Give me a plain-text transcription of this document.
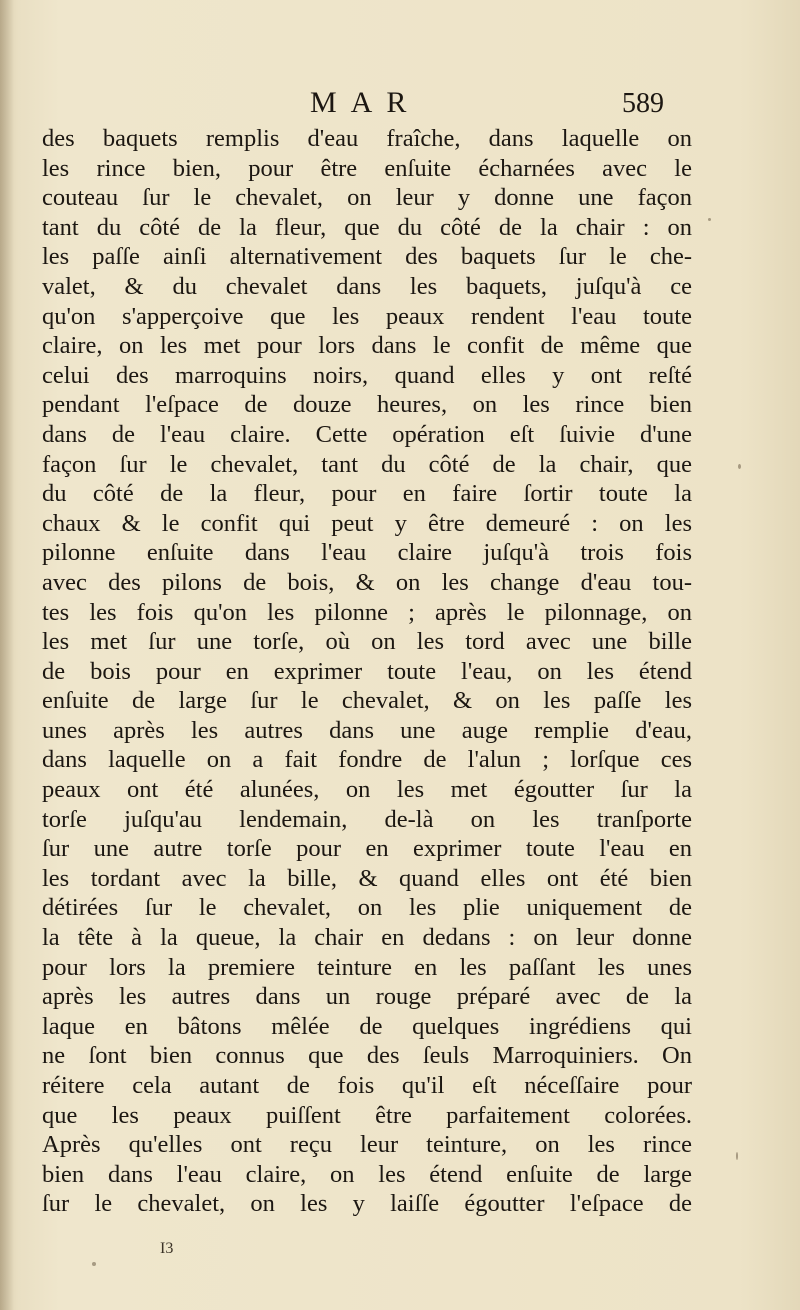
MAR	589
des baquets remplis d'eau fraîche, dans laquelle on
les rince bien, pour être enſuite écharnées avec le
couteau ſur le chevalet, on leur y donne une façon
tant du côté de la fleur, que du côté de la chair : on
les paſſe ainſi alternativement des baquets ſur le che-
valet, & du chevalet dans les baquets, juſqu'à ce
qu'on s'apperçoive que les peaux rendent l'eau toute
claire, on les met pour lors dans le confit de même que
celui des marroquins noirs, quand elles y ont reſté
pendant l'eſpace de douze heures, on les rince bien
dans de l'eau claire. Cette opération eſt ſuivie d'une
façon ſur le chevalet, tant du côté de la chair, que
du côté de la fleur, pour en faire ſortir toute la
chaux & le confit qui peut y être demeuré : on les
pilonne enſuite dans l'eau claire juſqu'à trois fois
avec des pilons de bois, & on les change d'eau tou-
tes les fois qu'on les pilonne ; après le pilonnage, on
les met ſur une torſe, où on les tord avec une bille
de bois pour en exprimer toute l'eau, on les étend
enſuite de large ſur le chevalet, & on les paſſe les
unes après les autres dans une auge remplie d'eau,
dans laquelle on a fait fondre de l'alun ; lorſque ces
peaux ont été alunées, on les met égoutter ſur la
torſe juſqu'au lendemain, de-là on les tranſporte
ſur une autre torſe pour en exprimer toute l'eau en
les tordant avec la bille, & quand elles ont été bien
détirées ſur le chevalet, on les plie uniquement de
la tête à la queue, la chair en dedans : on leur donne
pour lors la premiere teinture en les paſſant les unes
après les autres dans un rouge préparé avec de la
laque en bâtons mêlée de quelques ingrédiens qui
ne ſont bien connus que des ſeuls Marroquiniers. On
réitere cela autant de fois qu'il eſt néceſſaire pour
que les peaux puiſſent être parfaitement colorées.
Après qu'elles ont reçu leur teinture, on les rince
bien dans l'eau claire, on les étend enſuite de large
ſur le chevalet, on les y laiſſe égoutter l'eſpace de
I3
